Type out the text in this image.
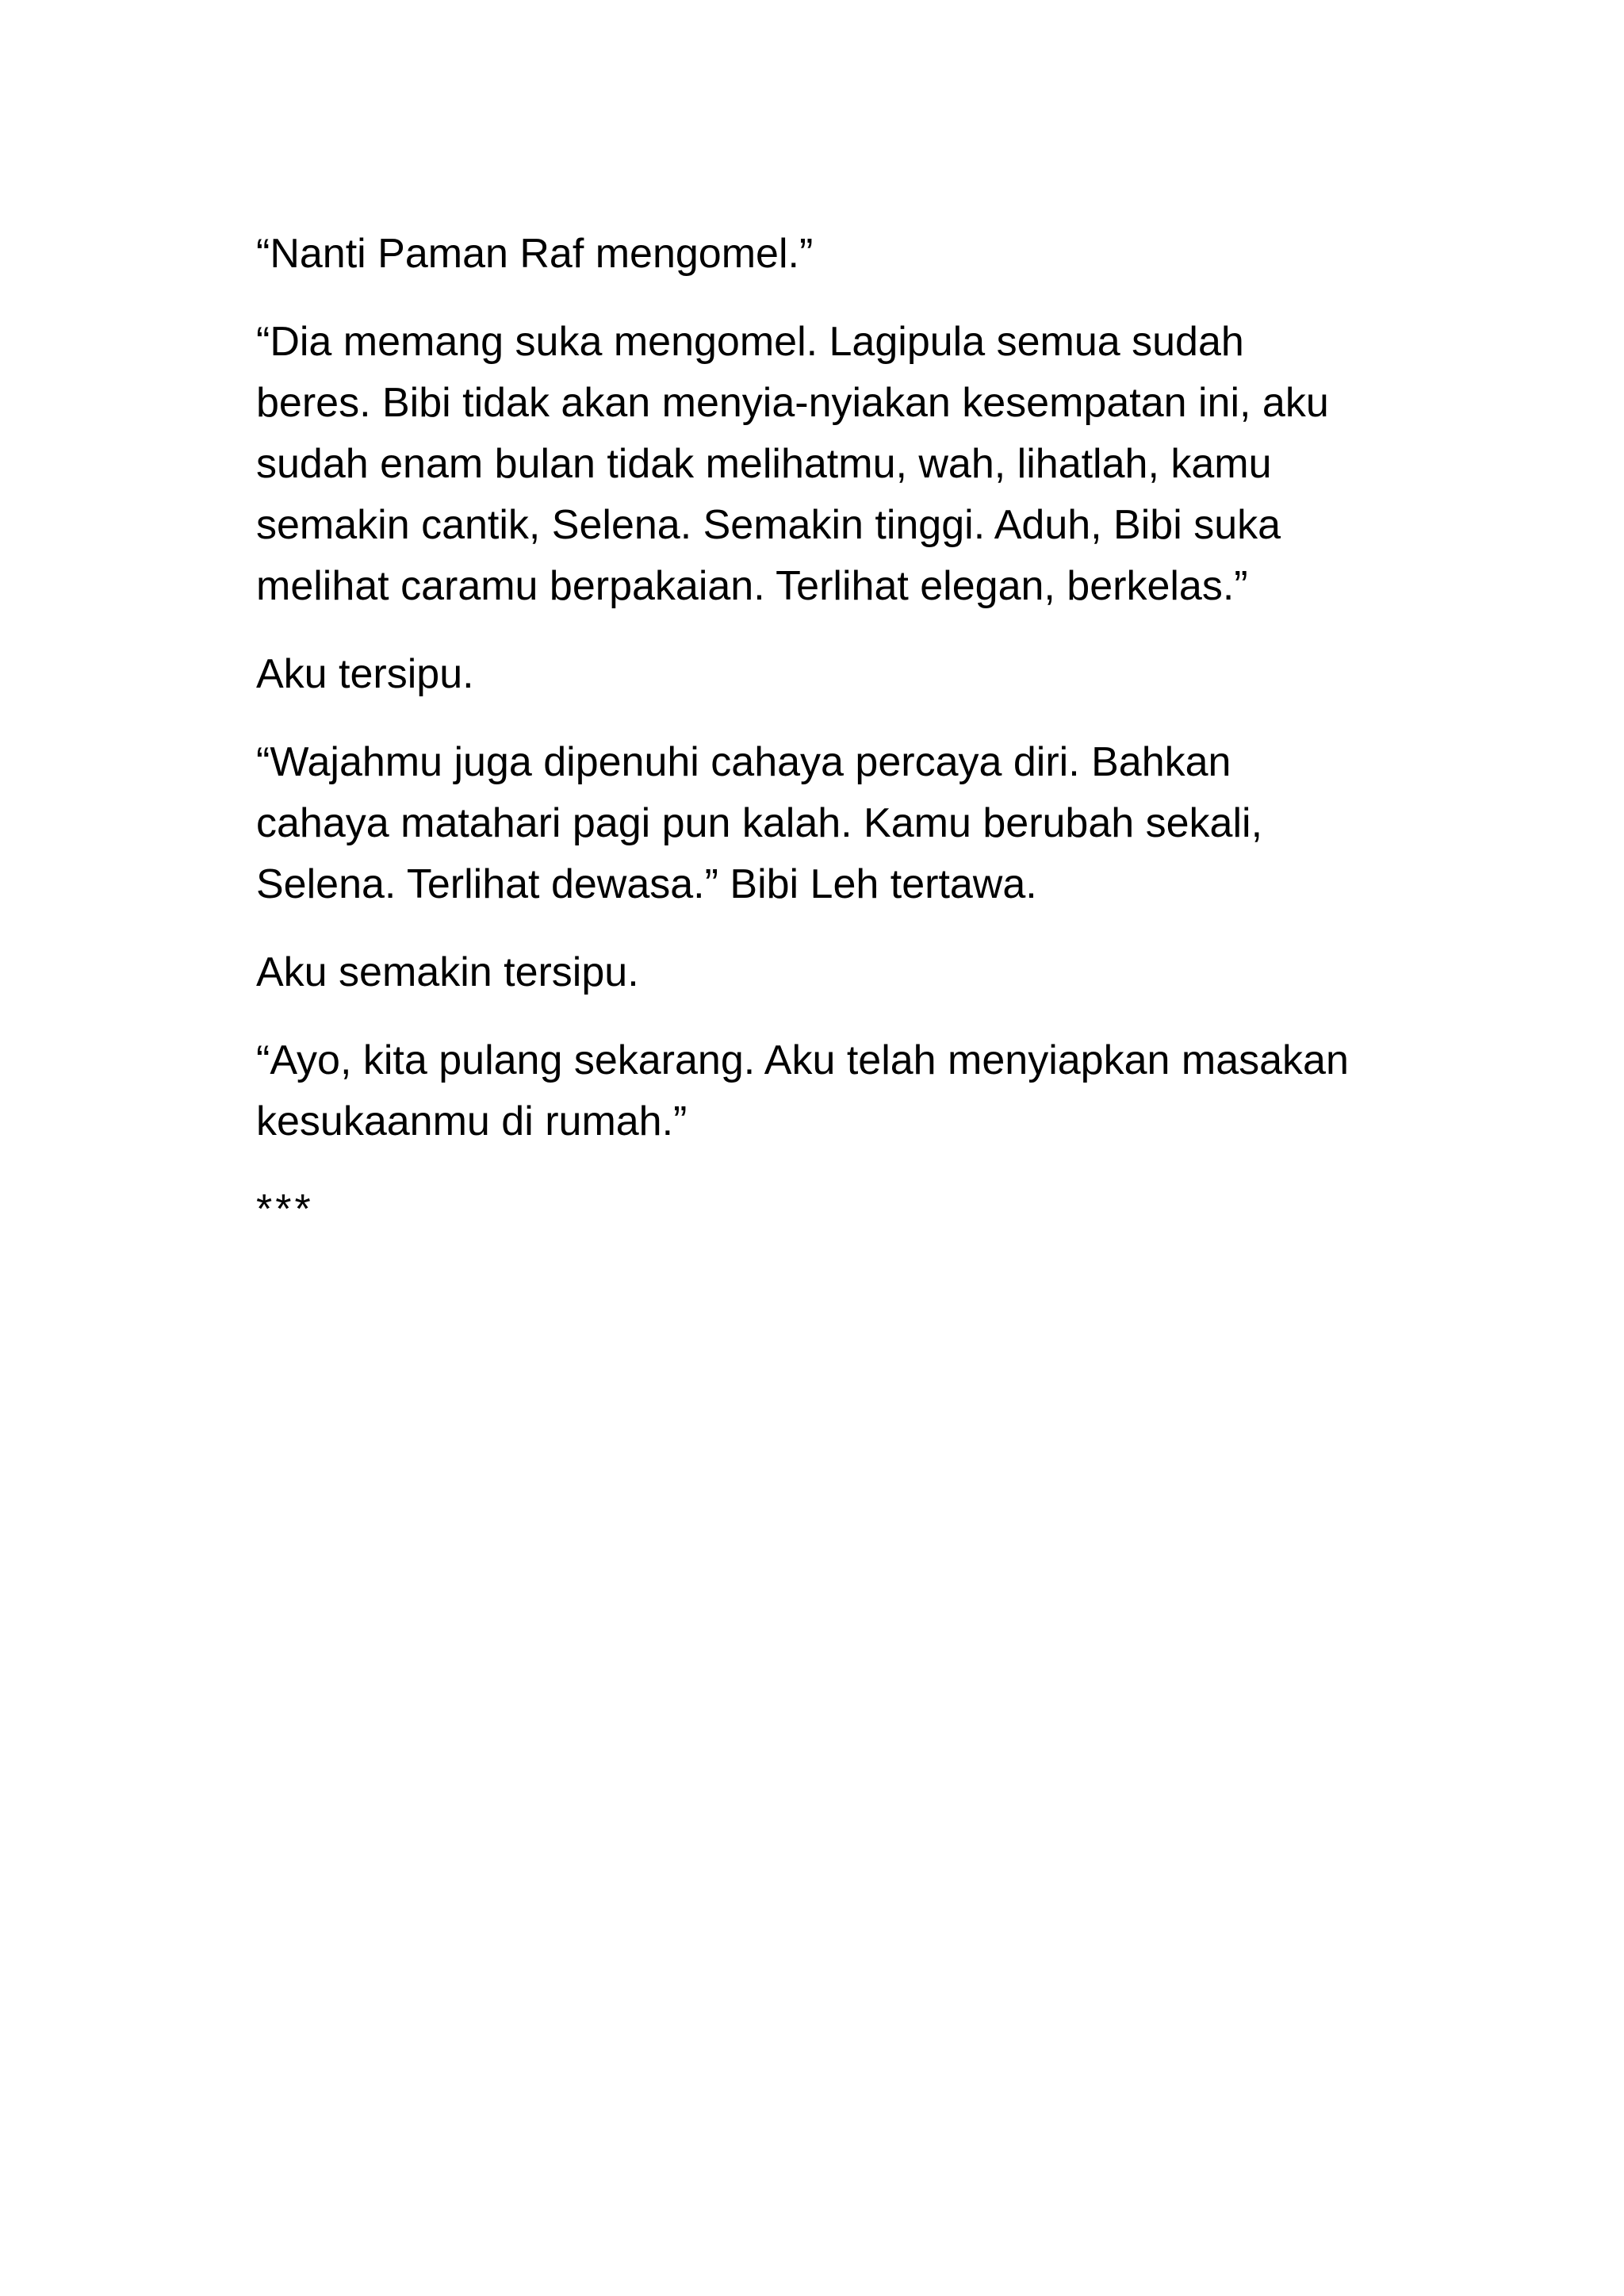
“Nanti Paman Raf mengomel.”

“Dia memang suka mengomel. Lagipula semua sudah
beres. Bibi tidak akan menyia-nyiakan kesempatan ini, aku
sudah enam bulan tidak melihatmu, wah, lihatlah, kamu
semakin cantik, Selena. Semakin tinggi. Aduh, Bibi suka
melihat caramu berpakaian. Terlihat elegan, berkelas.”

Aku tersipu.

“Wajahmu juga dipenuhi cahaya percaya diri. Bahkan
cahaya matahari pagi pun kalah. Kamu berubah sekali,
Selena. Terlihat dewasa.” Bibi Leh tertawa.

Aku semakin tersipu.

“Ayo, kita pulang sekarang. Aku telah menyiapkan masakan
kesukaanmu di rumah.”

***
